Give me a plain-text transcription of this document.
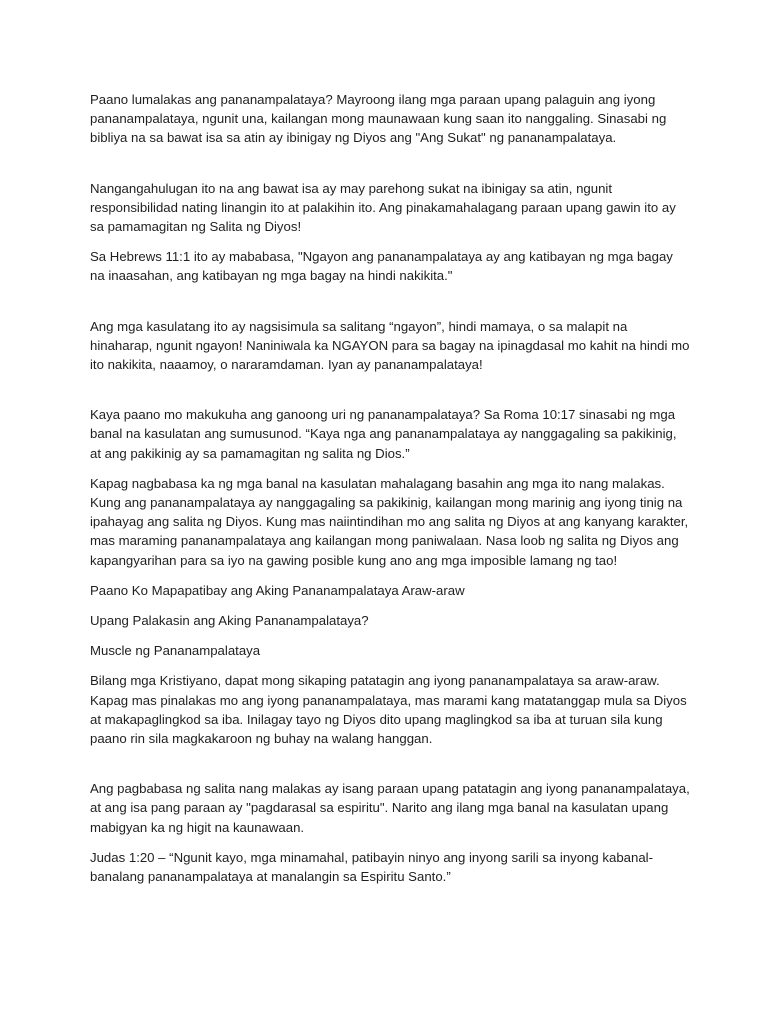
Paano lumalakas ang pananampalataya? Mayroong ilang mga paraan upang palaguin ang iyong pananampalataya, ngunit una, kailangan mong maunawaan kung saan ito nanggaling. Sinasabi ng bibliya na sa bawat isa sa atin ay ibinigay ng Diyos ang "Ang Sukat" ng pananampalataya.

Nangangahulugan ito na ang bawat isa ay may parehong sukat na ibinigay sa atin, ngunit responsibilidad nating linangin ito at palakihin ito. Ang pinakamahalagang paraan upang gawin ito ay sa pamamagitan ng Salita ng Diyos!

Sa Hebrews 11:1 ito ay mababasa, "Ngayon ang pananampalataya ay ang katibayan ng mga bagay na inaasahan, ang katibayan ng mga bagay na hindi nakikita."

Ang mga kasulatang ito ay nagsisimula sa salitang “ngayon”, hindi mamaya, o sa malapit na hinaharap, ngunit ngayon! Naniniwala ka NGAYON para sa bagay na ipinagdasal mo kahit na hindi mo ito nakikita, naaamoy, o nararamdaman. Iyan ay pananampalataya!

Kaya paano mo makukuha ang ganoong uri ng pananampalataya? Sa Roma 10:17 sinasabi ng mga banal na kasulatan ang sumusunod. “Kaya nga ang pananampalataya ay nanggagaling sa pakikinig, at ang pakikinig ay sa pamamagitan ng salita ng Dios.”

Kapag nagbabasa ka ng mga banal na kasulatan mahalagang basahin ang mga ito nang malakas. Kung ang pananampalataya ay nanggagaling sa pakikinig, kailangan mong marinig ang iyong tinig na ipahayag ang salita ng Diyos. Kung mas naiintindihan mo ang salita ng Diyos at ang kanyang karakter, mas maraming pananampalataya ang kailangan mong paniwalaan. Nasa loob ng salita ng Diyos ang kapangyarihan para sa iyo na gawing posible kung ano ang mga imposible lamang ng tao!

Paano Ko Mapapatibay ang Aking Pananampalataya Araw-araw

Upang Palakasin ang Aking Pananampalataya?

Muscle ng Pananampalataya

Bilang mga Kristiyano, dapat mong sikaping patatagin ang iyong pananampalataya sa araw-araw. Kapag mas pinalakas mo ang iyong pananampalataya, mas marami kang matatanggap mula sa Diyos at makapaglingkod sa iba. Inilagay tayo ng Diyos dito upang maglingkod sa iba at turuan sila kung paano rin sila magkakaroon ng buhay na walang hanggan.

Ang pagbabasa ng salita nang malakas ay isang paraan upang patatagin ang iyong pananampalataya, at ang isa pang paraan ay "pagdarasal sa espiritu". Narito ang ilang mga banal na kasulatan upang mabigyan ka ng higit na kaunawaan.

Judas 1:20 – “Ngunit kayo, mga minamahal, patibayin ninyo ang inyong sarili sa inyong kabanal-banalang pananampalataya at manalangin sa Espiritu Santo.”
